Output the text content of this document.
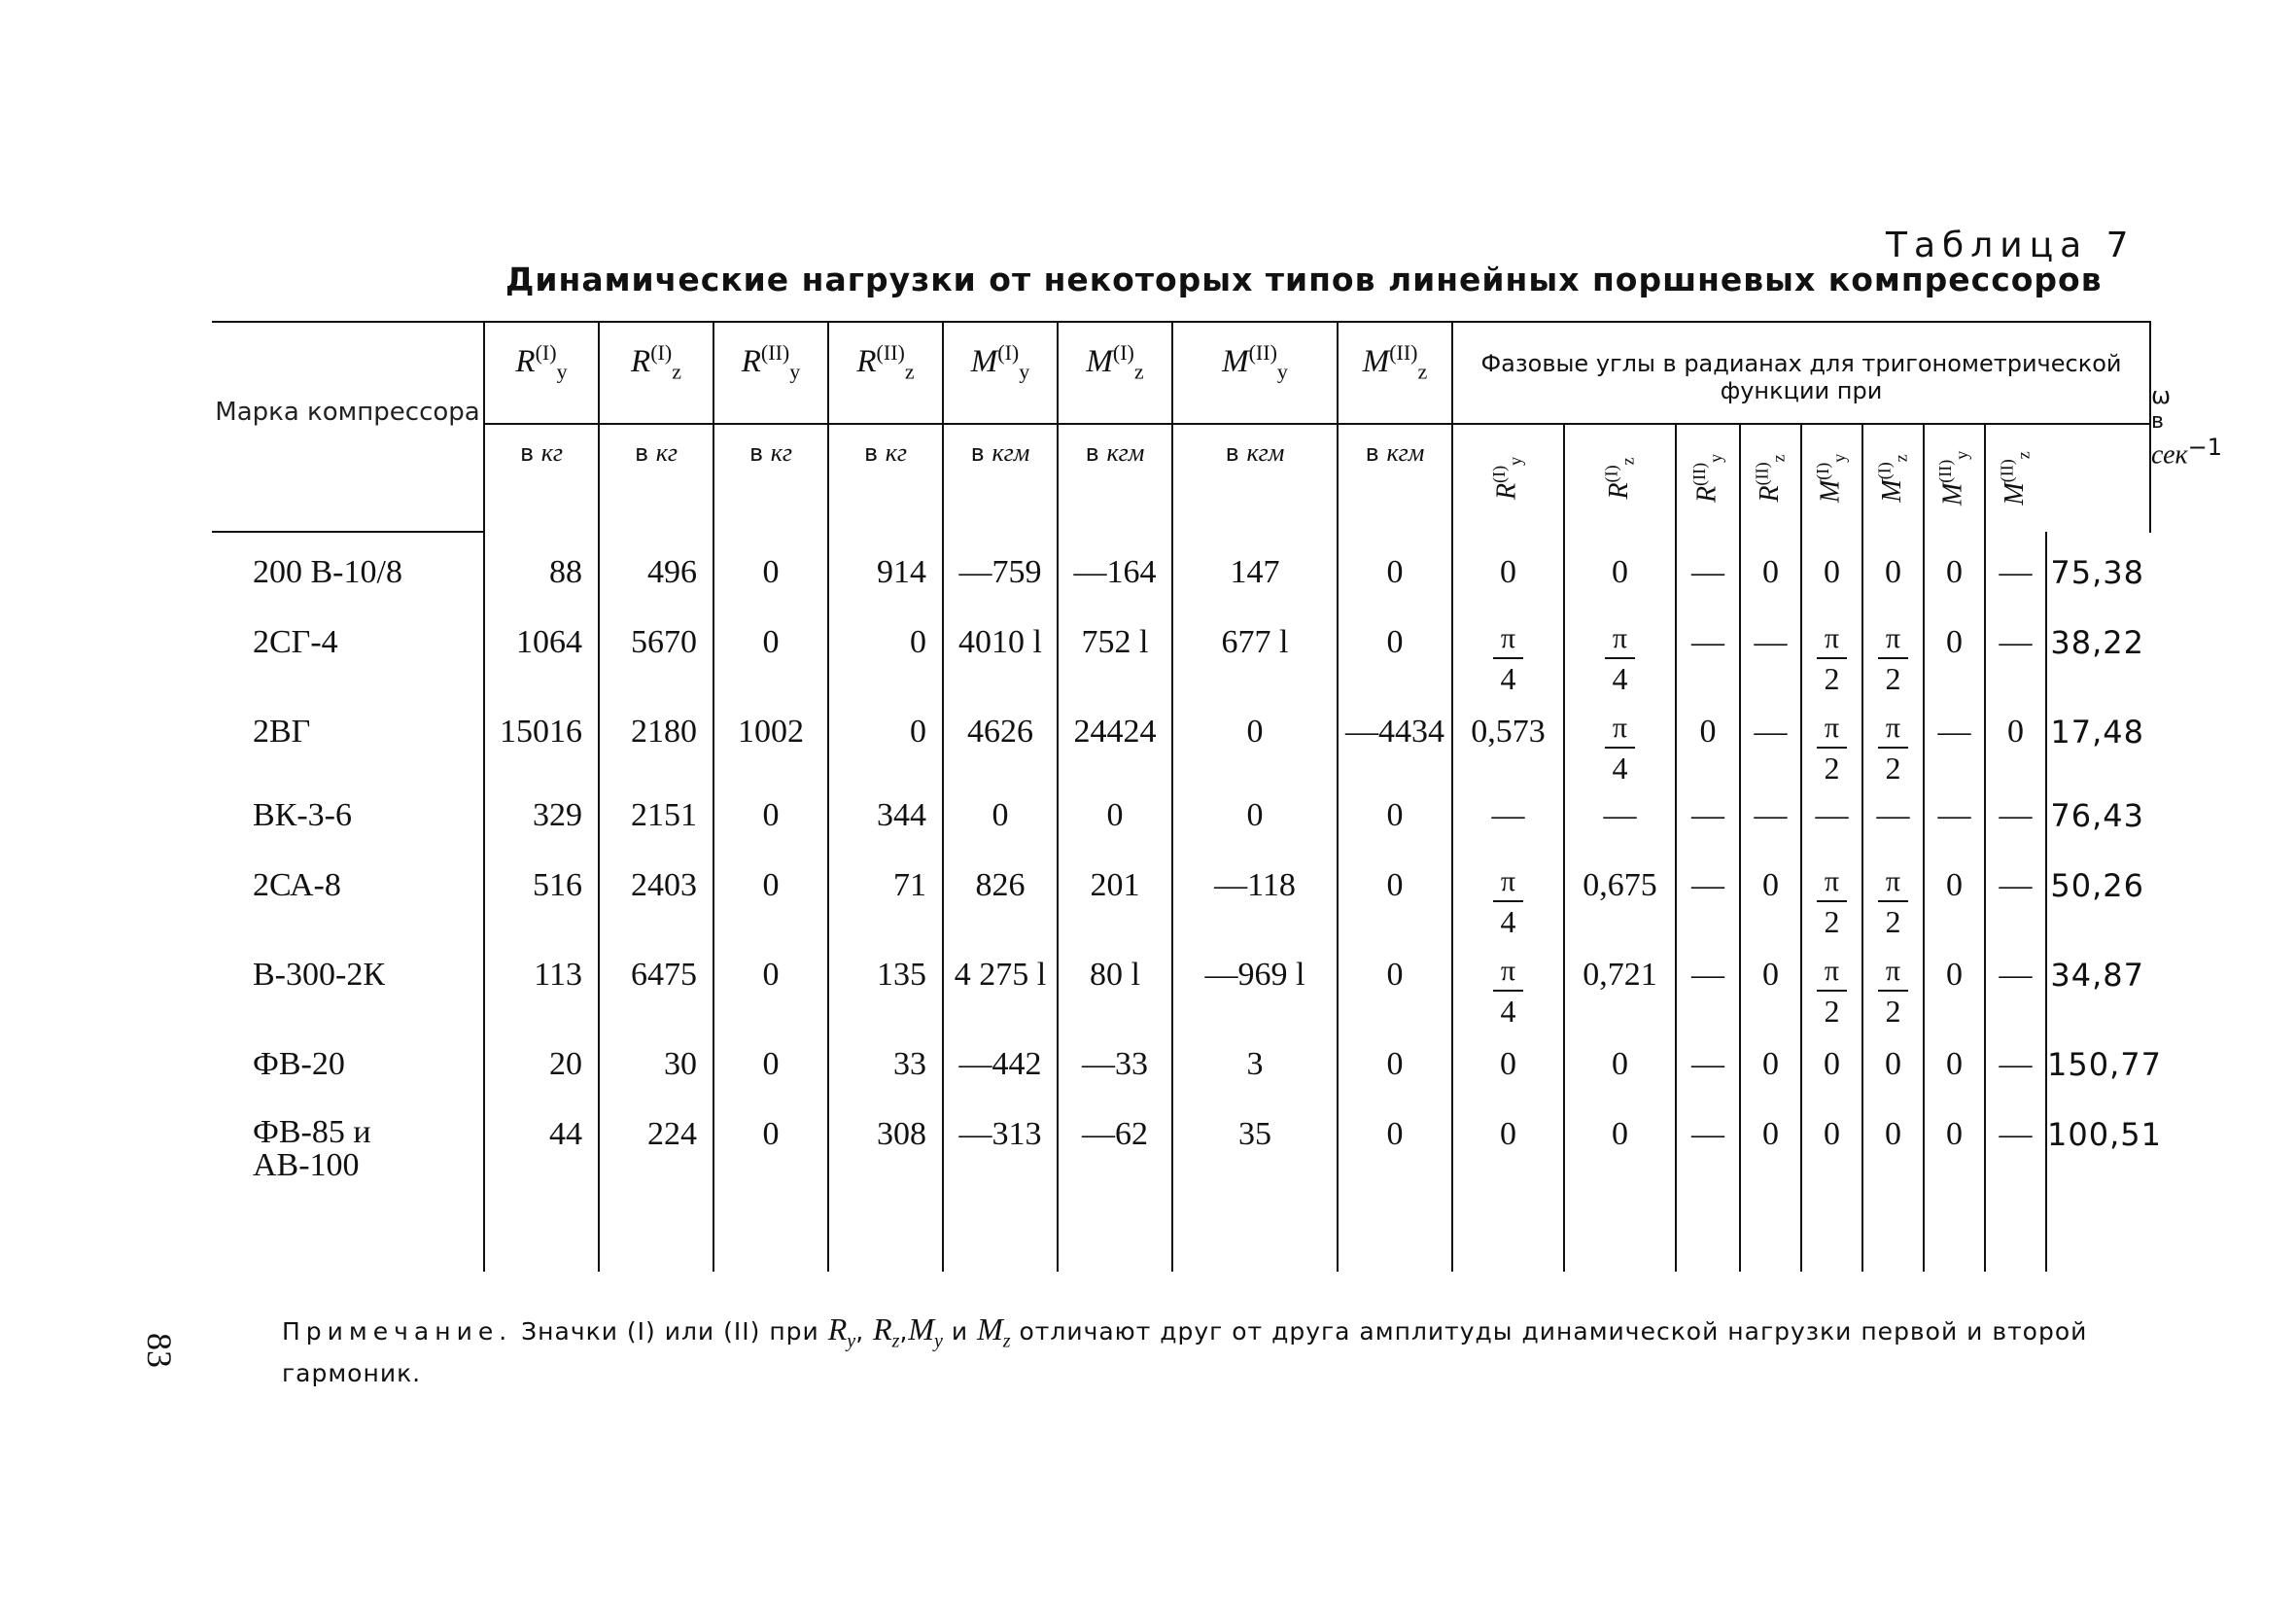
Таблица 7
Динамические нагрузки от некоторых типов линейных поршневых компрессоров
Марка компрессора	$R^{(I)}_y$	$R^{(I)}_z$	$R^{(II)}_y$	$R^{(II)}_z$	$M^{(I)}_y$	$M^{(I)}_z$	$M^{(II)}_y$	$M^{(II)}_z$	Фазовые углы в радианах для тригонометрической функции при									ω
в
сек$^{-1}$
	в кг	в кг	в кг	в кг	в кгм	в кгм	в кгм	в кгм	$R^{(I)}_y$	$R^{(I)}_z$	$R^{(II)}_y$	$R^{(II)}_z$	$M^{(I)}_y$	$M^{(I)}_z$	$M^{(II)}_y$	$M^{(II)}_z$

200 В-10/8	88	496	0	914	—759	—164	147	0	0	0	—	0	0	0	0	—	75,38	
2СГ-4	1064	5670	0	0	4010 l	752 l	677 l	0	$\frac{\pi}{4}$	$\frac{\pi}{4}$	—	—	$\frac{\pi}{2}$	$\frac{\pi}{2}$	0	—	38,22	
2ВГ	15016	2180	1002	0	4626	24424	0	—4434	0,573	$\frac{\pi}{4}$	0	—	$\frac{\pi}{2}$	$\frac{\pi}{2}$	—	0	17,48	
ВК-3-6	329	2151	0	344	0	0	0	0	—	—	—	—	—	—	—	—	76,43	
2СА-8	516	2403	0	71	826	201	—118	0	$\frac{\pi}{4}$	0,675	—	0	$\frac{\pi}{2}$	$\frac{\pi}{2}$	0	—	50,26	
В-300-2К	113	6475	0	135	4 275 l	80 l	—969 l	0	$\frac{\pi}{4}$	0,721	—	0	$\frac{\pi}{2}$	$\frac{\pi}{2}$	0	—	34,87	
ФВ-20	20	30	0	33	—442	—33	3	0	0	0	—	0	0	0	0	—	150,77	
ФВ-85 и
АВ-100	44	224	0	308	—313	—62	35	0	0	0	—	0	0	0	0	—	100,51	

Примечание. Значки (I) или (II) при $R_y$, $R_z,M_y$ и $M_z$ отличают друг от друга амплитуды динамической нагрузки первой и второй гармоник.
83
